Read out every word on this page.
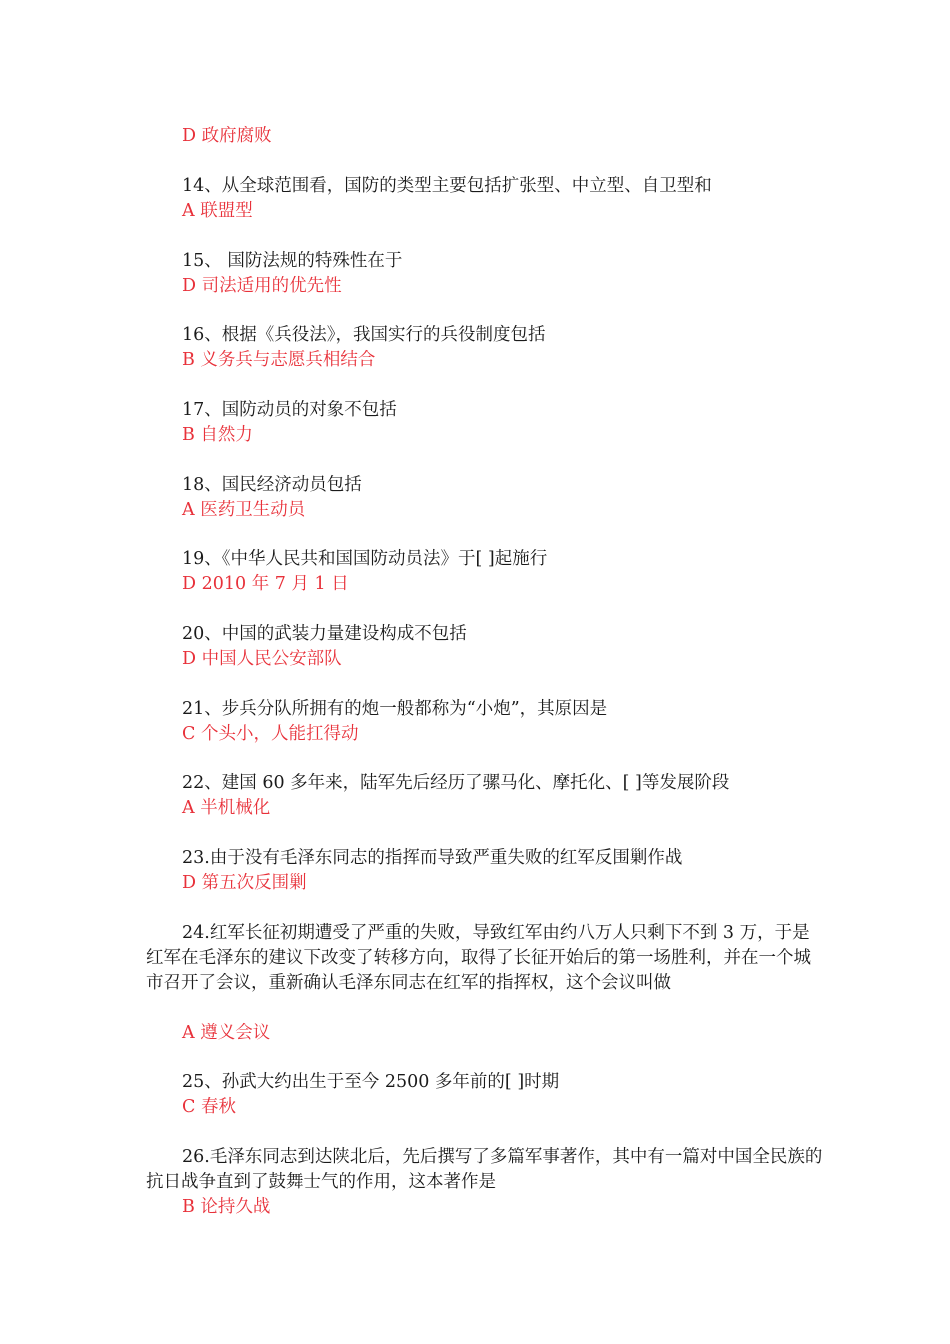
D 政府腐败
14、从全球范围看，国防的类型主要包括扩张型、中立型、自卫型和
A 联盟型
15、 国防法规的特殊性在于
D 司法适用的优先性
16、根据《兵役法》，我国实行的兵役制度包括
B 义务兵与志愿兵相结合
17、国防动员的对象不包括
B 自然力
18、国民经济动员包括
A 医药卫生动员
19、《中华人民共和国国防动员法》于[ ]起施行
D 2010 年 7 月 1 日
20、中国的武装力量建设构成不包括
D 中国人民公安部队
21、步兵分队所拥有的炮一般都称为“小炮”，其原因是
C 个头小，人能扛得动
22、建国 60 多年来，陆军先后经历了骡马化、摩托化、[ ]等发展阶段
A 半机械化
23.由于没有毛泽东同志的指挥而导致严重失败的红军反围剿作战
D 第五次反围剿
24.红军长征初期遭受了严重的失败，导致红军由约八万人只剩下不到 3 万，于是红军在毛泽东的建议下改变了转移方向，取得了长征开始后的第一场胜利，并在一个城市召开了会议，重新确认毛泽东同志在红军的指挥权，这个会议叫做
A 遵义会议
25、孙武大约出生于至今 2500 多年前的[ ]时期
C 春秋
26.毛泽东同志到达陕北后，先后撰写了多篇军事著作，其中有一篇对中国全民族的抗日战争直到了鼓舞士气的作用，这本著作是
B 论持久战
